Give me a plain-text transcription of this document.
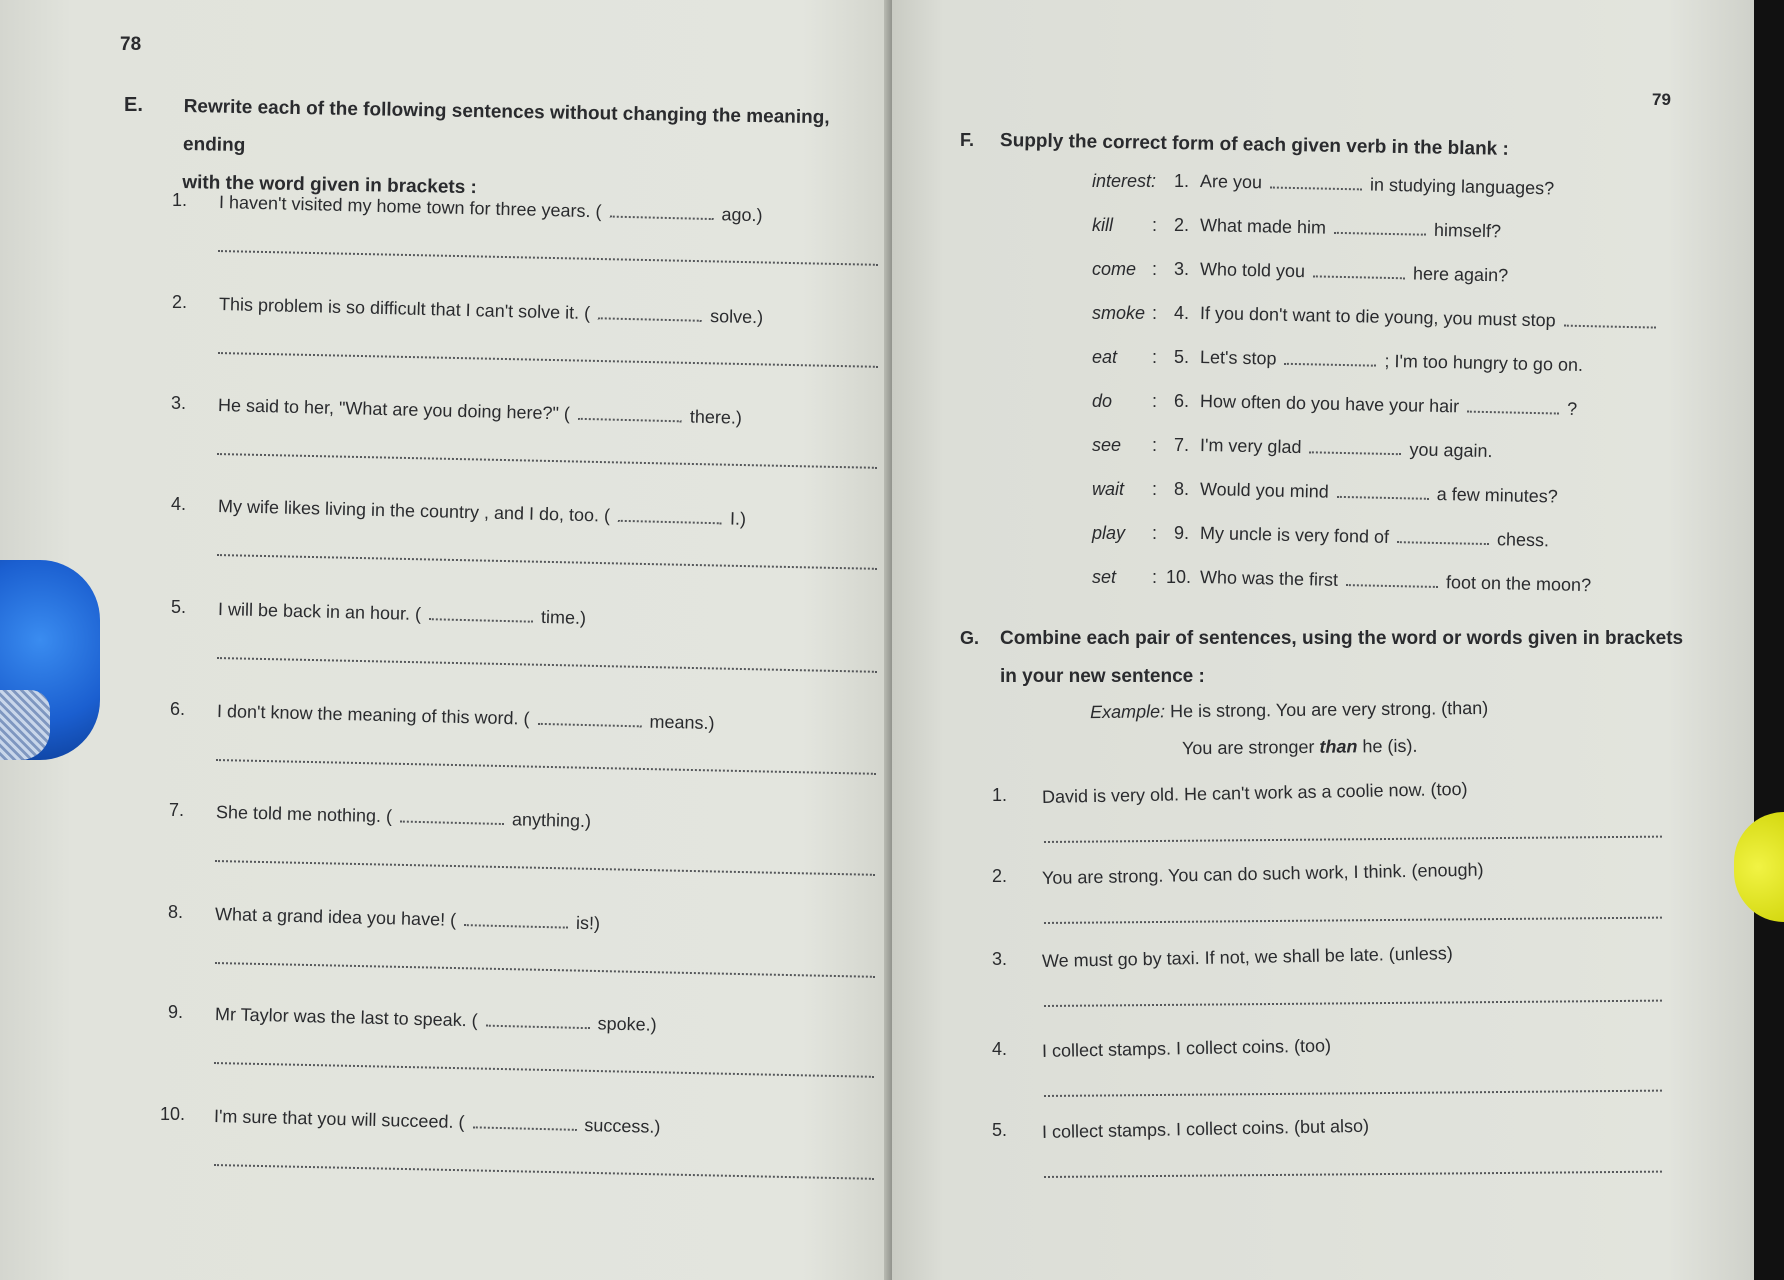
78
E. Rewrite each of the following sentences without changing the meaning, ending
with the word given in brackets :
1. I haven't visited my home town for three years. (	ago.)
2. This problem is so difficult that I can't solve it. (	solve.)
3. He said to her, "What are you doing here?" (	there.)
4. My wife likes living in the country , and I do, too. (	I.)
5. I will be back in an hour. (	time.)
6. I don't know the meaning of this word. (	means.)
7. She told me nothing. (	anything.)
8. What a grand idea you have! (	is!)
9. Mr Taylor was the last to speak. (	spoke.)
10. I'm sure that you will succeed. (	success.)
79
F. Supply the correct form of each given verb in the blank :
interest: 1. Are you	in studying languages?
kill : 2. What made him	himself?
come : 3. Who told you	here again?
smoke : 4. If you don't want to die young, you must stop
eat : 5. Let's stop	; I'm too hungry to go on.
do : 6. How often do you have your hair	?
see : 7. I'm very glad	you again.
wait : 8. Would you mind	a few minutes?
play : 9. My uncle is very fond of	chess.
set : 10. Who was the first	foot on the moon?
G. Combine each pair of sentences, using the word or words given in brackets
in your new sentence :
Example: He is strong. You are very strong. (than)
You are stronger than he (is).
1. David is very old. He can't work as a coolie now. (too)
2. You are strong. You can do such work, I think. (enough)
3. We must go by taxi. If not, we shall be late. (unless)
4. I collect stamps. I collect coins. (too)
5. I collect stamps. I collect coins. (but also)
